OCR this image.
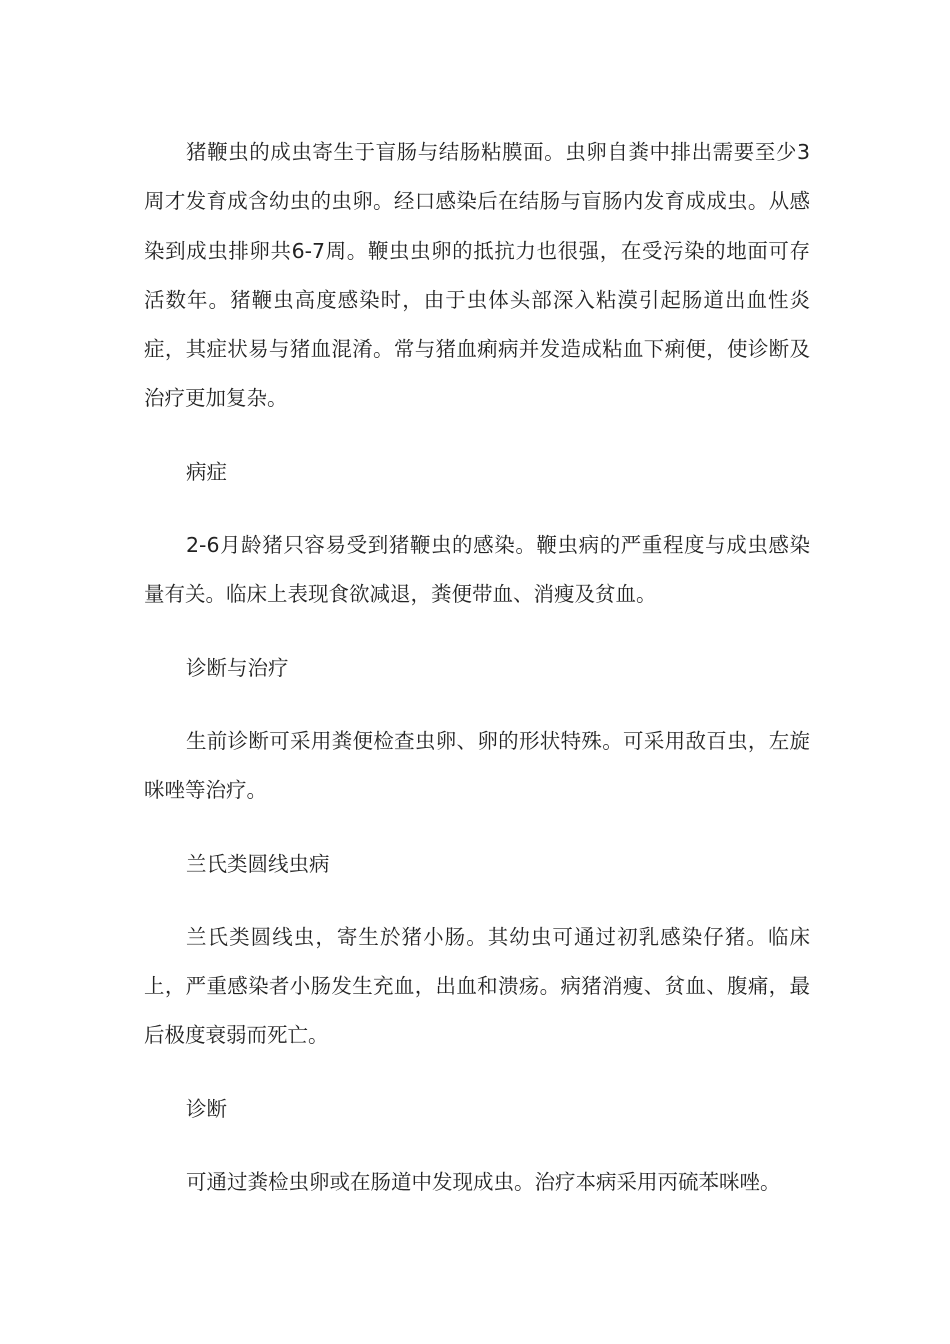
猪鞭虫的成虫寄生于盲肠与结肠粘膜面。虫卵自粪中排出需要至少3周才发育成含幼虫的虫卵。经口感染后在结肠与盲肠内发育成成虫。从感染到成虫排卵共6-7周。鞭虫虫卵的抵抗力也很强，在受污染的地面可存活数年。猪鞭虫高度感染时，由于虫体头部深入粘漠引起肠道出血性炎症，其症状易与猪血混淆。常与猪血痢病并发造成粘血下痢便，使诊断及治疗更加复杂。

病症

2-6月龄猪只容易受到猪鞭虫的感染。鞭虫病的严重程度与成虫感染量有关。临床上表现食欲减退，粪便带血、消瘦及贫血。

诊断与治疗

生前诊断可采用粪便检查虫卵、卵的形状特殊。可采用敌百虫，左旋咪唑等治疗。

兰氏类圆线虫病

兰氏类圆线虫，寄生於猪小肠。其幼虫可通过初乳感染仔猪。临床上，严重感染者小肠发生充血，出血和溃疡。病猪消瘦、贫血、腹痛，最后极度衰弱而死亡。

诊断

可通过粪检虫卵或在肠道中发现成虫。治疗本病采用丙硫苯咪唑。
